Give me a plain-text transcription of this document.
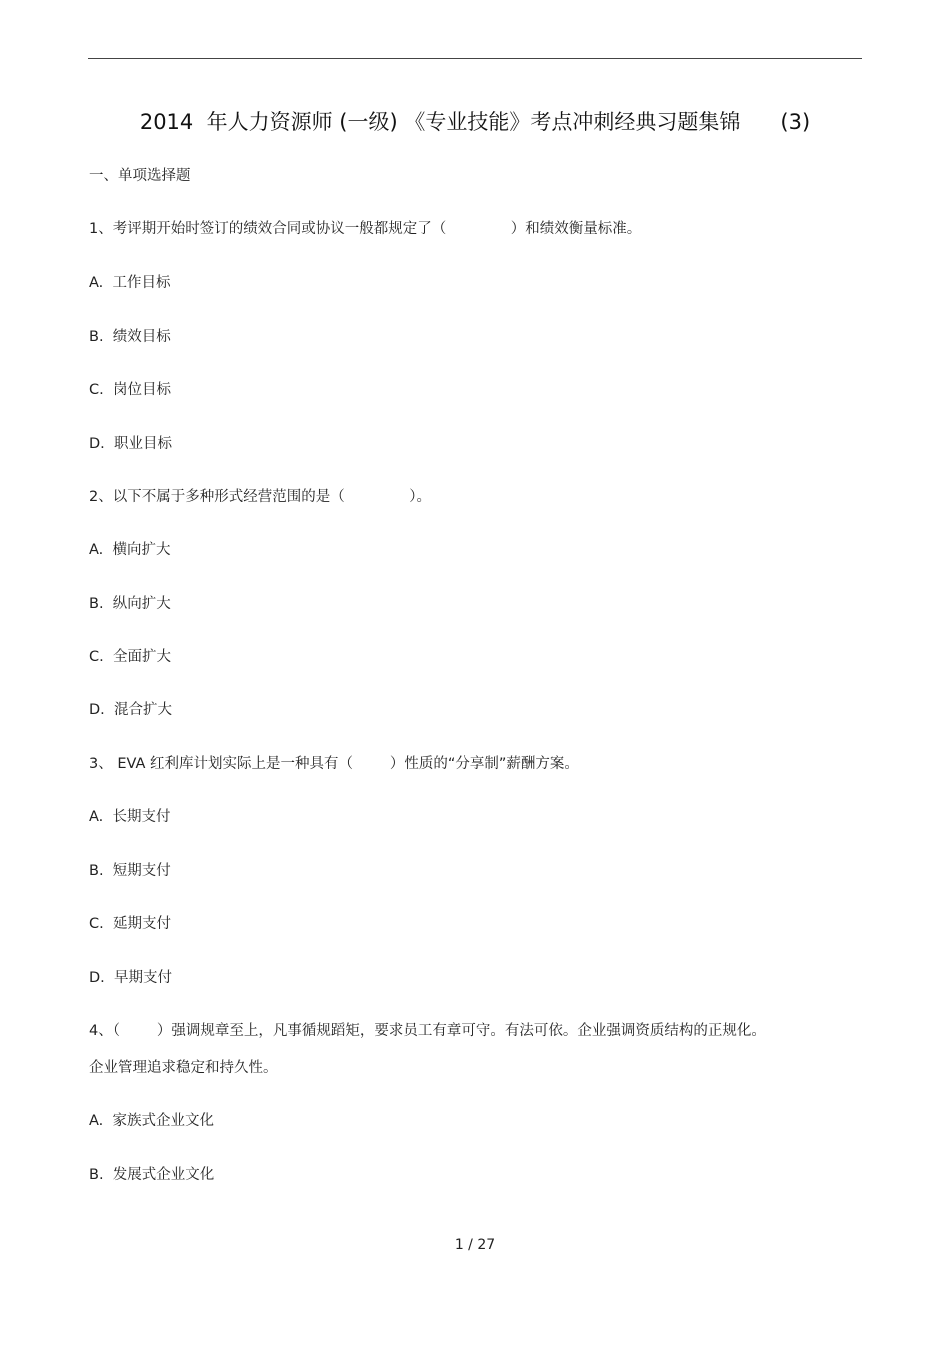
2014  年人力资源师 (一级) 《专业技能》考点冲刺经典习题集锦      (3)
一、单项选择题
1、考评期开始时签订的绩效合同或协议一般都规定了（              ）和绩效衡量标准。
A.  工作目标
B.  绩效目标
C.  岗位目标
D.  职业目标
2、以下不属于多种形式经营范围的是（              ）。
A.  横向扩大
B.  纵向扩大
C.  全面扩大
D.  混合扩大
3、 EVA 红利库计划实际上是一种具有（        ）性质的“分享制”薪酬方案。
A.  长期支付
B.  短期支付
C.  延期支付
D.  早期支付
4、（        ）强调规章至上，凡事循规蹈矩，要求员工有章可守。有法可依。企业强调资质结构的正规化。
企业管理追求稳定和持久性。
A.  家族式企业文化
B.  发展式企业文化
1 / 27
